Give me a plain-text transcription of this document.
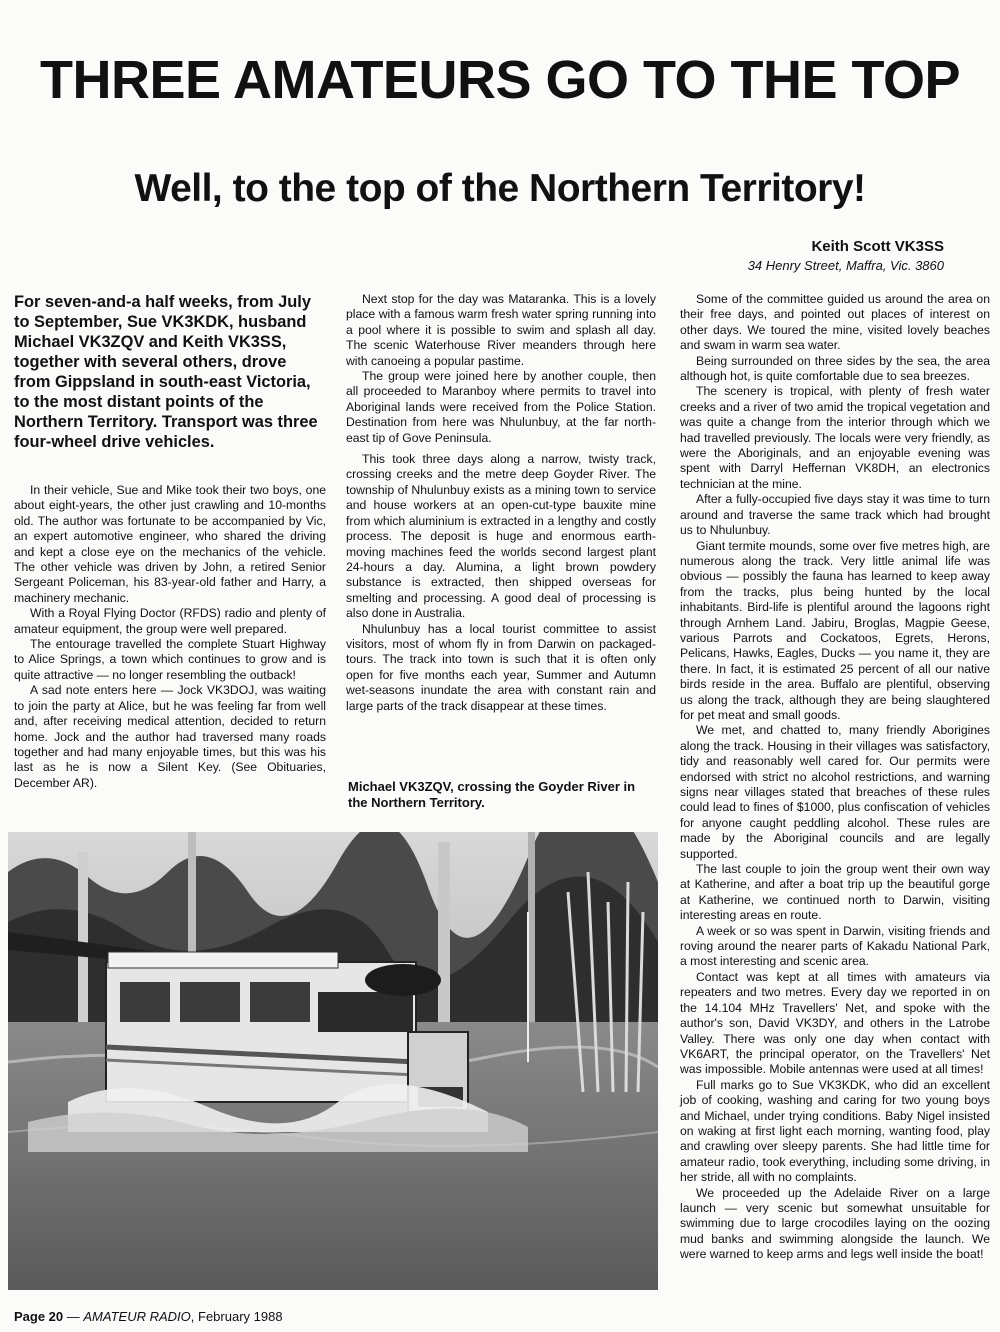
THREE AMATEURS GO TO THE TOP
Well, to the top of the Northern Territory!
Keith Scott VK3SS
34 Henry Street, Maffra, Vic. 3860

For seven-and-a half weeks, from July to September, Sue VK3KDK, husband Michael VK3ZQV and Keith VK3SS, together with several others, drove from Gippsland in south-east Victoria, to the most distant points of the Northern Territory. Transport was three four-wheel drive vehicles.

In their vehicle, Sue and Mike took their two boys, one about eight-years, the other just crawling and 10-months old. The author was fortunate to be accompanied by Vic, an expert automotive engineer, who shared the driving and kept a close eye on the mechanics of the vehicle. The other vehicle was driven by John, a retired Senior Sergeant Policeman, his 83-year-old father and Harry, a machinery mechanic.

With a Royal Flying Doctor (RFDS) radio and plenty of amateur equipment, the group were well prepared.

The entourage travelled the complete Stuart Highway to Alice Springs, a town which continues to grow and is quite attractive — no longer resembling the outback!

A sad note enters here — Jock VK3DOJ, was waiting to join the party at Alice, but he was feeling far from well and, after receiving medical attention, decided to return home. Jock and the author had traversed many roads together and had many enjoyable times, but this was his last as he is now a Silent Key. (See Obituaries, December AR).

Next stop for the day was Mataranka. This is a lovely place with a famous warm fresh water spring running into a pool where it is possible to swim and splash all day. The scenic Waterhouse River meanders through here with canoeing a popular pastime.

The group were joined here by another couple, then all proceeded to Maranboy where permits to travel into Aboriginal lands were received from the Police Station. Destination from here was Nhulunbuy, at the far north-east tip of Gove Peninsula.

This took three days along a narrow, twisty track, crossing creeks and the metre deep Goyder River. The township of Nhulunbuy exists as a mining town to service and house workers at an open-cut-type bauxite mine from which aluminium is extracted in a lengthy and costly process. The deposit is huge and enormous earth-moving machines feed the worlds second largest plant 24-hours a day. Alumina, a light brown powdery substance is extracted, then shipped overseas for smelting and processing. A good deal of processing is also done in Australia.

Nhulunbuy has a local tourist committee to assist visitors, most of whom fly in from Darwin on packaged-tours. The track into town is such that it is often only open for five months each year, Summer and Autumn wet-seasons inundate the area with constant rain and large parts of the track disappear at these times.

Michael VK3ZQV, crossing the Goyder River in the Northern Territory.

Some of the committee guided us around the area on their free days, and pointed out places of interest on other days. We toured the mine, visited lovely beaches and swam in warm sea water.

Being surrounded on three sides by the sea, the area although hot, is quite comfortable due to sea breezes.

The scenery is tropical, with plenty of fresh water creeks and a river of two amid the tropical vegetation and was quite a change from the interior through which we had travelled previously. The locals were very friendly, as were the Aboriginals, and an enjoyable evening was spent with Darryl Heffernan VK8DH, an electronics technician at the mine.

After a fully-occupied five days stay it was time to turn around and traverse the same track which had brought us to Nhulunbuy.

Giant termite mounds, some over five metres high, are numerous along the track. Very little animal life was obvious — possibly the fauna has learned to keep away from the tracks, plus being hunted by the local inhabitants. Bird-life is plentiful around the lagoons right through Arnhem Land. Jabiru, Broglas, Magpie Geese, various Parrots and Cockatoos, Egrets, Herons, Pelicans, Hawks, Eagles, Ducks — you name it, they are there. In fact, it is estimated 25 percent of all our native birds reside in the area. Buffalo are plentiful, observing us along the track, although they are being slaughtered for pet meat and small goods.

We met, and chatted to, many friendly Aborigines along the track. Housing in their villages was satisfactory, tidy and reasonably well cared for. Our permits were endorsed with strict no alcohol restrictions, and warning signs near villages stated that breaches of these rules could lead to fines of $1000, plus confiscation of vehicles for anyone caught peddling alcohol. These rules are made by the Aboriginal councils and are legally supported.

The last couple to join the group went their own way at Katherine, and after a boat trip up the beautiful gorge at Katherine, we continued north to Darwin, visiting interesting areas en route.

A week or so was spent in Darwin, visiting friends and roving around the nearer parts of Kakadu National Park, a most interesting and scenic area.

Contact was kept at all times with amateurs via repeaters and two metres. Every day we reported in on the 14.104 MHz Travellers' Net, and spoke with the author's son, David VK3DY, and others in the Latrobe Valley. There was only one day when contact with VK6ART, the principal operator, on the Travellers' Net was impossible. Mobile antennas were used at all times!

Full marks go to Sue VK3KDK, who did an excellent job of cooking, washing and caring for two young boys and Michael, under trying conditions. Baby Nigel insisted on waking at first light each morning, wanting food, play and crawling over sleepy parents. She had little time for amateur radio, took everything, including some driving, in her stride, all with no complaints.

We proceeded up the Adelaide River on a large launch — very scenic but somewhat unsuitable for swimming due to large crocodiles laying on the oozing mud banks and swimming alongside the launch. We were warned to keep arms and legs well inside the boat!

Page 20 — AMATEUR RADIO, February 1988
